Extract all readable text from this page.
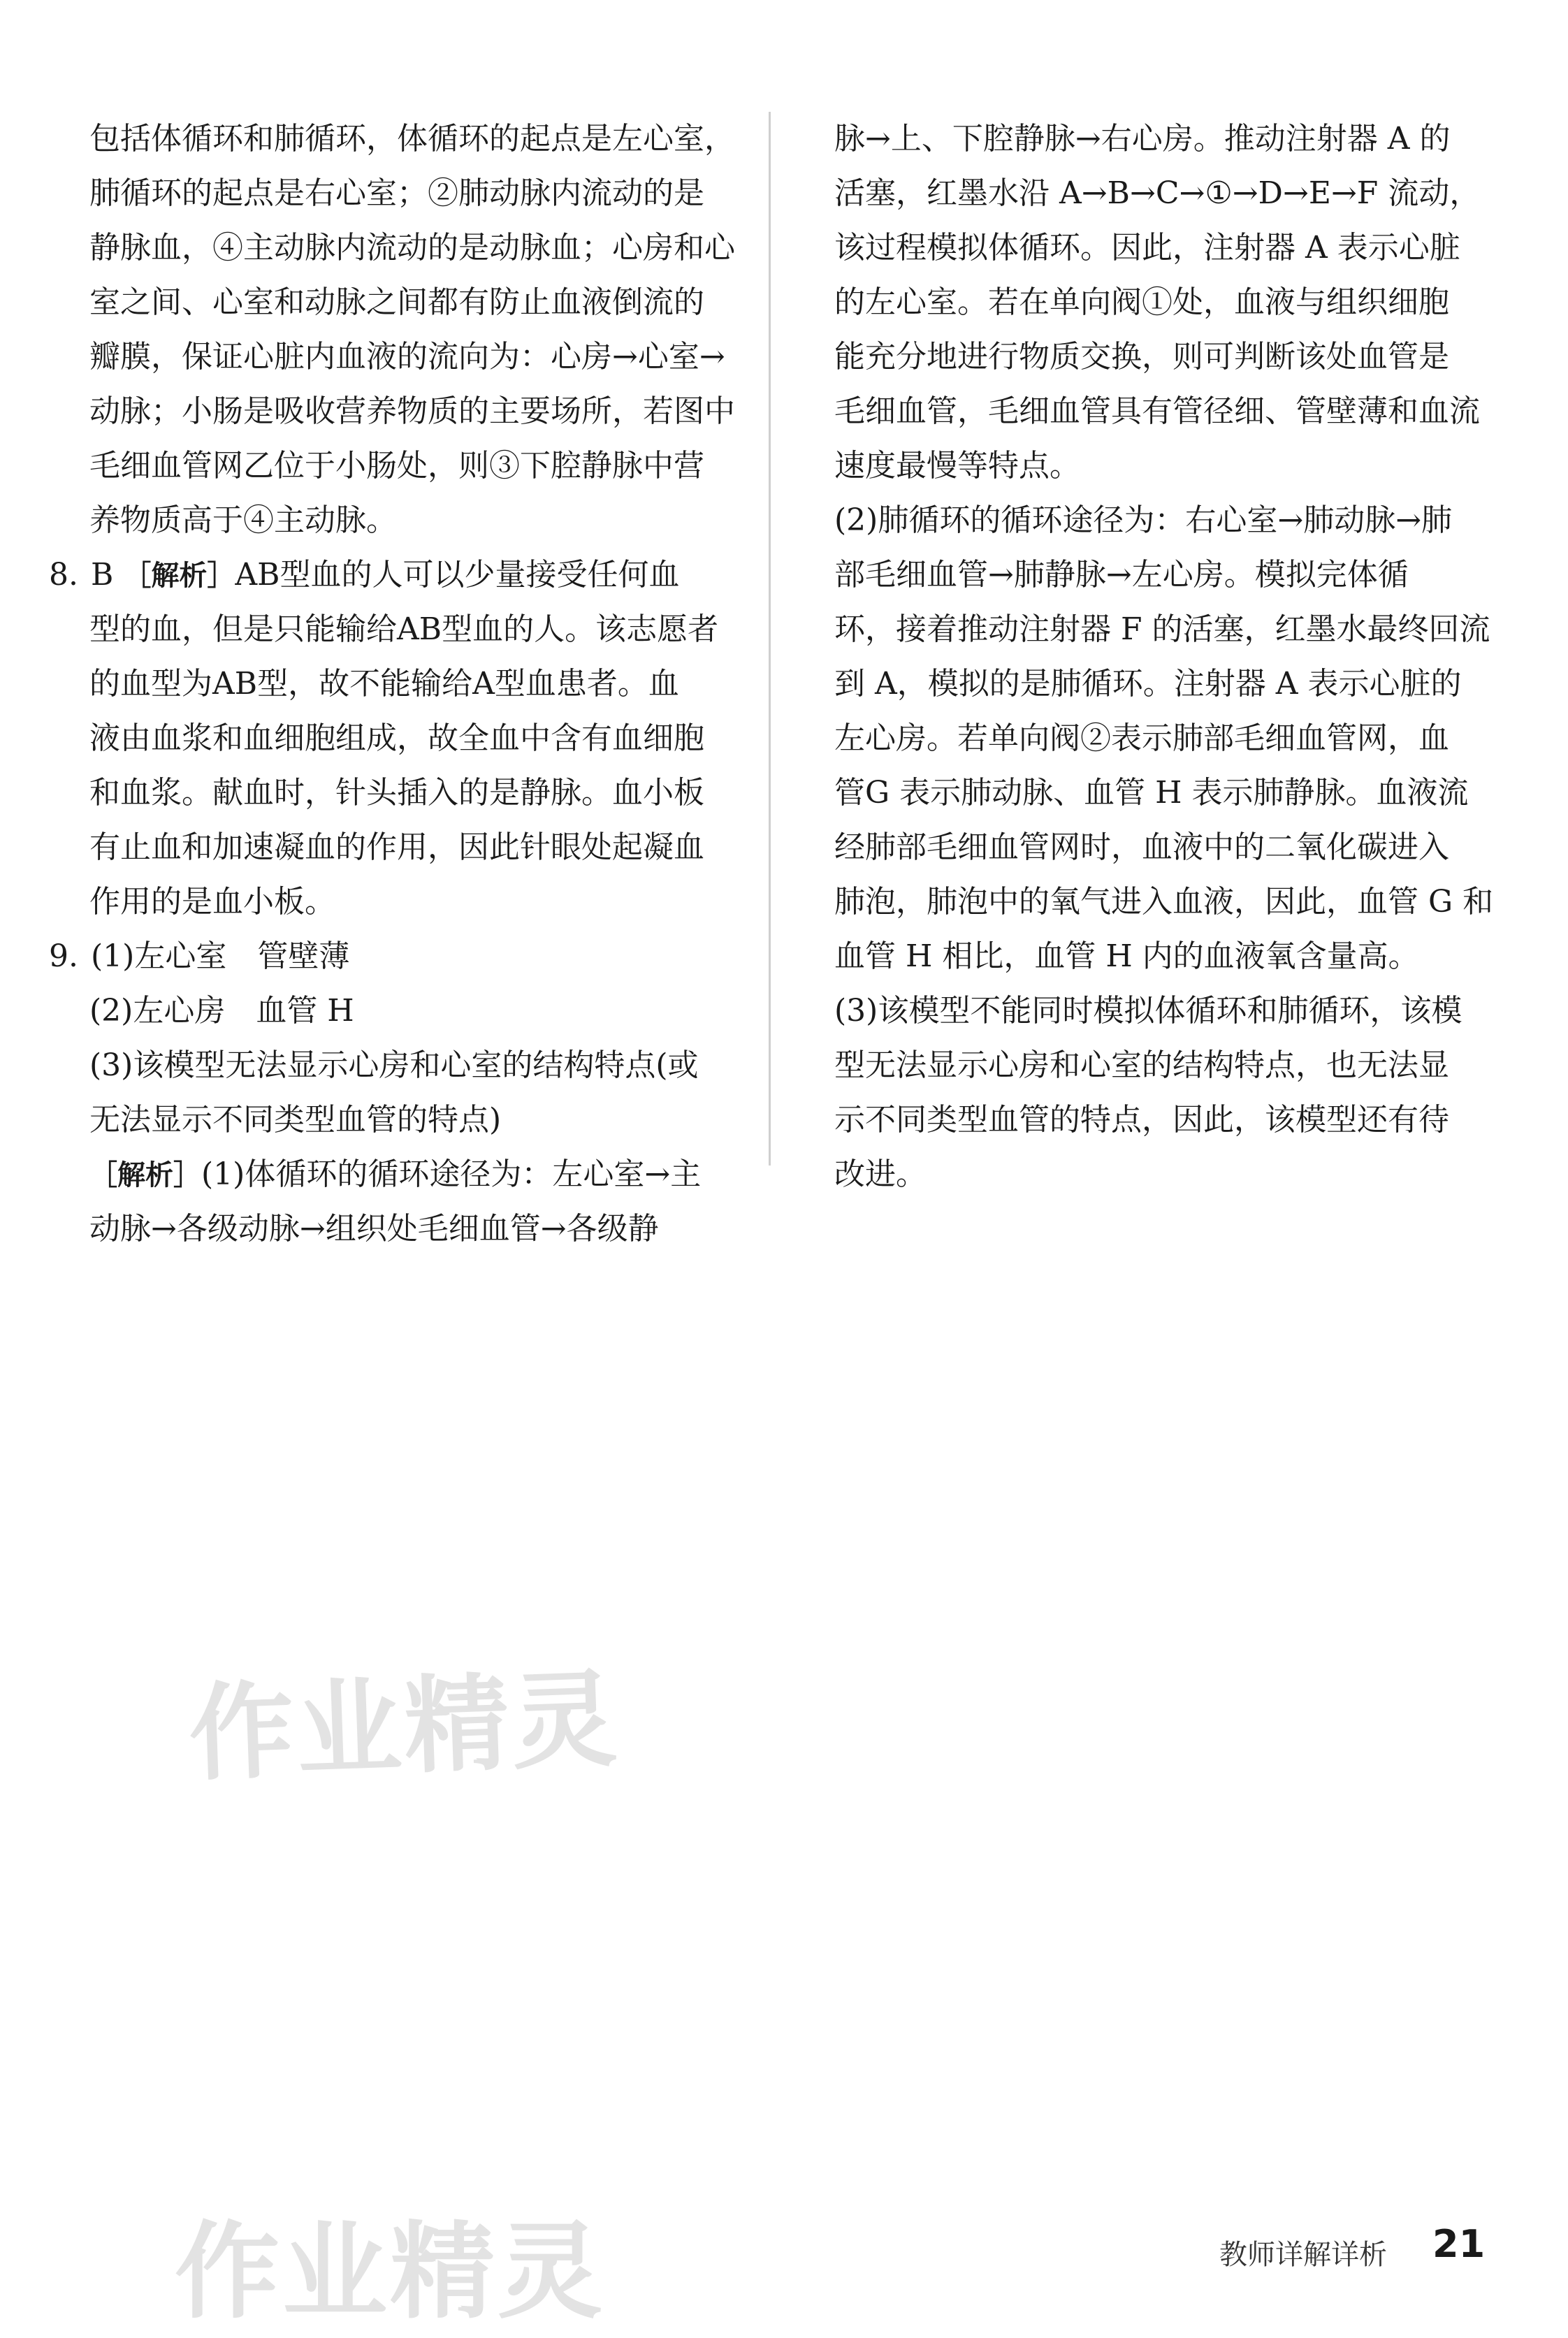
包括体循环和肺循环，体循环的起点是左心室，
肺循环的起点是右心室；②肺动脉内流动的是
静脉血，④主动脉内流动的是动脉血；心房和心
室之间、心室和动脉之间都有防止血液倒流的
瓣膜，保证心脏内血液的流向为：心房→心室→
动脉；小肠是吸收营养物质的主要场所，若图中
毛细血管网乙位于小肠处，则③下腔静脉中营
养物质高于④主动脉。
8. B ［解析］AB型血的人可以少量接受任何血
型的血，但是只能输给AB型血的人。该志愿者
的血型为AB型，故不能输给A型血患者。血
液由血浆和血细胞组成，故全血中含有血细胞
和血浆。献血时，针头插入的是静脉。血小板
有止血和加速凝血的作用，因此针眼处起凝血
作用的是血小板。
9. (1)左心室　管壁薄
(2)左心房　血管 H
(3)该模型无法显示心房和心室的结构特点(或
无法显示不同类型血管的特点)
［解析］(1)体循环的循环途径为：左心室→主
动脉→各级动脉→组织处毛细血管→各级静
脉→上、下腔静脉→右心房。推动注射器 A 的
活塞，红墨水沿 A→B→C→①→D→E→F 流动，
该过程模拟体循环。因此，注射器 A 表示心脏
的左心室。若在单向阀①处，血液与组织细胞
能充分地进行物质交换，则可判断该处血管是
毛细血管，毛细血管具有管径细、管壁薄和血流
速度最慢等特点。
(2)肺循环的循环途径为：右心室→肺动脉→肺
部毛细血管→肺静脉→左心房。模拟完体循
环，接着推动注射器 F 的活塞，红墨水最终回流
到 A，模拟的是肺循环。注射器 A 表示心脏的
左心房。若单向阀②表示肺部毛细血管网，血
管G 表示肺动脉、血管 H 表示肺静脉。血液流
经肺部毛细血管网时，血液中的二氧化碳进入
肺泡，肺泡中的氧气进入血液，因此，血管 G 和
血管 H 相比，血管 H 内的血液氧含量高。
(3)该模型不能同时模拟体循环和肺循环，该模
型无法显示心房和心室的结构特点，也无法显
示不同类型血管的特点，因此，该模型还有待
改进。
作业精灵
作业精灵	教师详解详析 21
